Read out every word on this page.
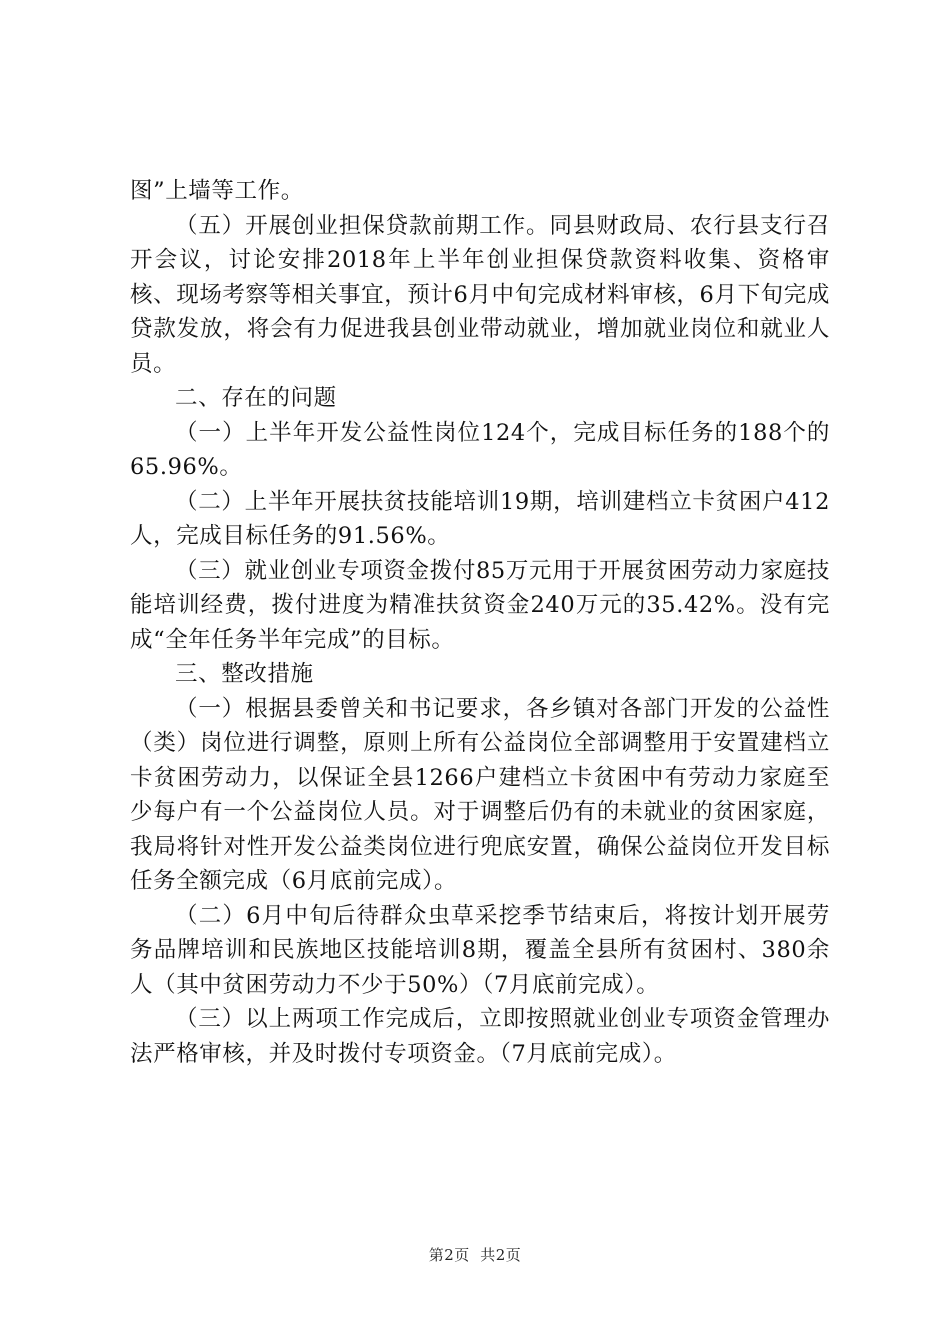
图”上墙等工作。

（五）开展创业担保贷款前期工作。同县财政局、农行县支行召开会议，讨论安排2018年上半年创业担保贷款资料收集、资格审核、现场考察等相关事宜，预计6月中旬完成材料审核，6月下旬完成贷款发放，将会有力促进我县创业带动就业，增加就业岗位和就业人员。

二、存在的问题

（一）上半年开发公益性岗位124个，完成目标任务的188个的65.96%。

（二）上半年开展扶贫技能培训19期，培训建档立卡贫困户412人，完成目标任务的91.56%。

（三）就业创业专项资金拨付85万元用于开展贫困劳动力家庭技能培训经费，拨付进度为精准扶贫资金240万元的35.42%。没有完成“全年任务半年完成”的目标。

三、整改措施

（一）根据县委曾关和书记要求，各乡镇对各部门开发的公益性（类）岗位进行调整，原则上所有公益岗位全部调整用于安置建档立卡贫困劳动力，以保证全县1266户建档立卡贫困中有劳动力家庭至少每户有一个公益岗位人员。对于调整后仍有的未就业的贫困家庭，我局将针对性开发公益类岗位进行兜底安置，确保公益岗位开发目标任务全额完成（6月底前完成）。

（二）6月中旬后待群众虫草采挖季节结束后，将按计划开展劳务品牌培训和民族地区技能培训8期，覆盖全县所有贫困村、380余人（其中贫困劳动力不少于50%）（7月底前完成）。

（三）以上两项工作完成后，立即按照就业创业专项资金管理办法严格审核，并及时拨付专项资金。（7月底前完成）。

第2页  共2页
